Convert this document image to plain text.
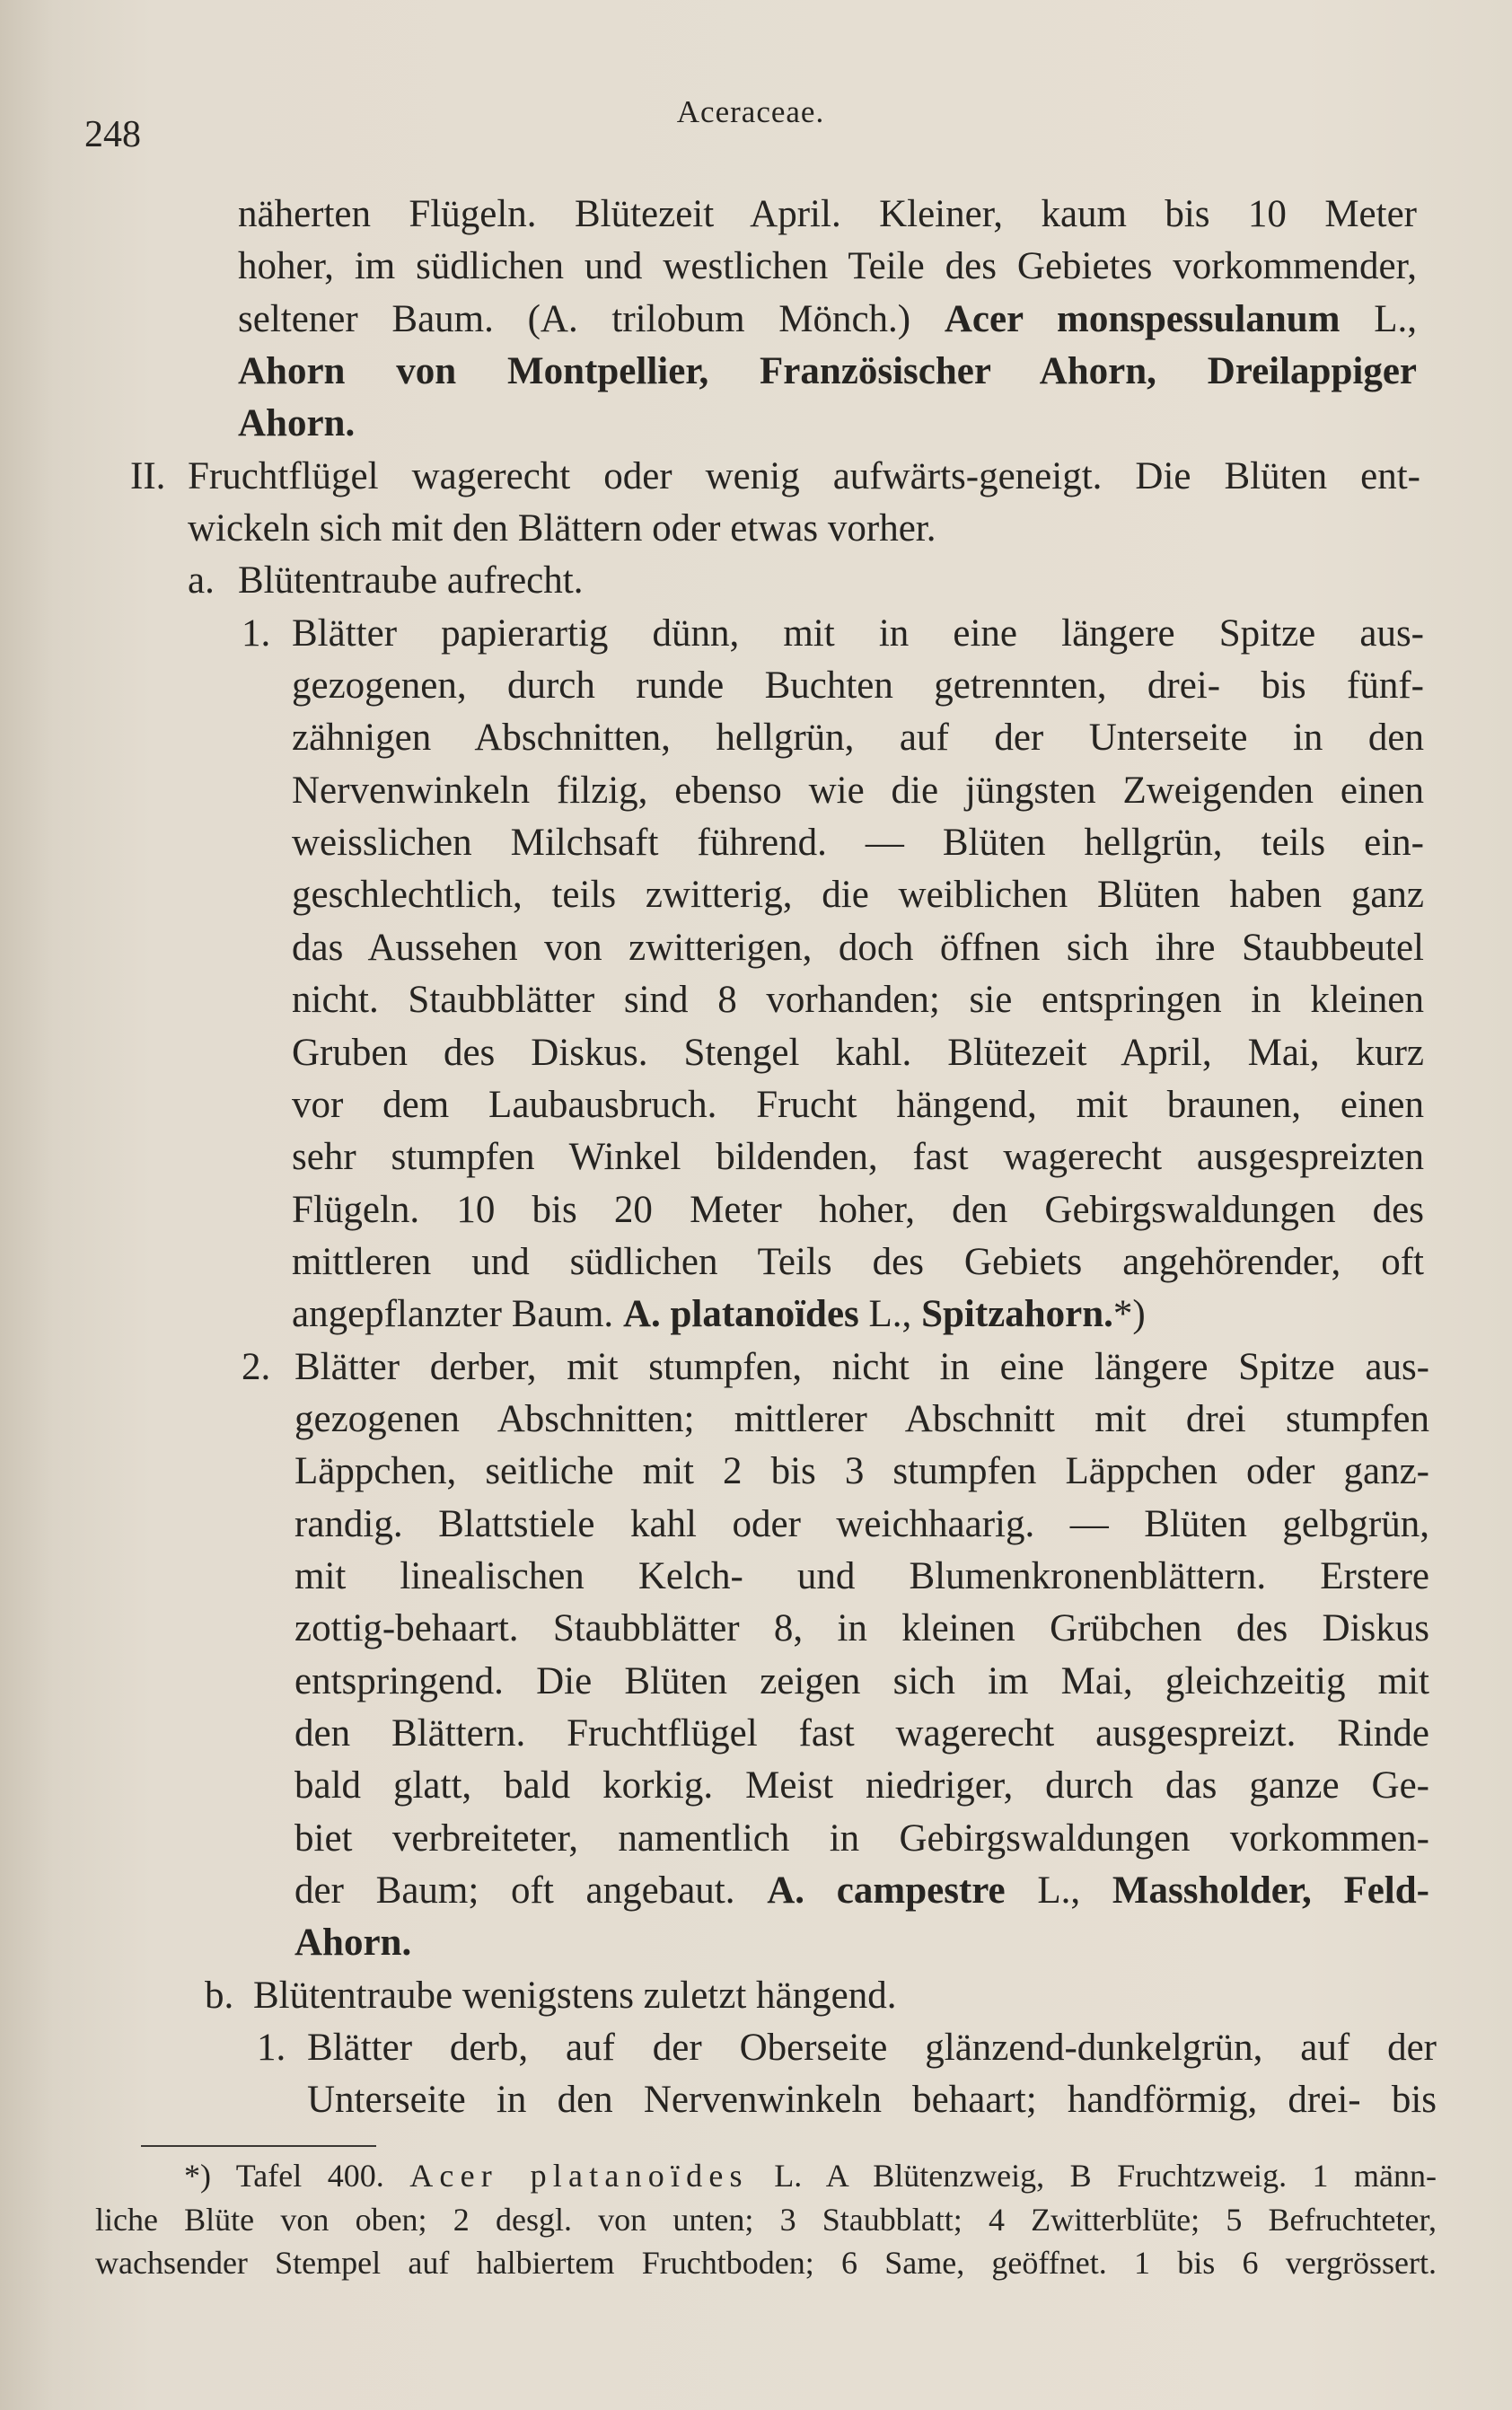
248
Aceraceae.
näherten Flügeln. Blütezeit April. Kleiner, kaum bis 10 Meter
hoher, im südlichen und westlichen Teile des Gebietes vorkommender,
seltener Baum. (A. trilobum Mönch.) Acer monspessulanum L.,
Ahorn von Montpellier, Französischer Ahorn, Dreilappiger
Ahorn.
II. Fruchtflügel wagerecht oder wenig aufwärts-geneigt. Die Blüten ent-
wickeln sich mit den Blättern oder etwas vorher.
a. Blütentraube aufrecht.
1. Blätter papierartig dünn, mit in eine längere Spitze aus-
gezogenen, durch runde Buchten getrennten, drei- bis fünf-
zähnigen Abschnitten, hellgrün, auf der Unterseite in den
Nervenwinkeln filzig, ebenso wie die jüngsten Zweigenden einen
weisslichen Milchsaft führend. — Blüten hellgrün, teils ein-
geschlechtlich, teils zwitterig, die weiblichen Blüten haben ganz
das Aussehen von zwitterigen, doch öffnen sich ihre Staubbeutel
nicht. Staubblätter sind 8 vorhanden; sie entspringen in kleinen
Gruben des Diskus. Stengel kahl. Blütezeit April, Mai, kurz
vor dem Laubausbruch. Frucht hängend, mit braunen, einen
sehr stumpfen Winkel bildenden, fast wagerecht ausgespreizten
Flügeln. 10 bis 20 Meter hoher, den Gebirgswaldungen des
mittleren und südlichen Teils des Gebiets angehörender, oft
angepflanzter Baum. A. platanoïdes L., Spitzahorn.*)
2. Blätter derber, mit stumpfen, nicht in eine längere Spitze aus-
gezogenen Abschnitten; mittlerer Abschnitt mit drei stumpfen
Läppchen, seitliche mit 2 bis 3 stumpfen Läppchen oder ganz-
randig. Blattstiele kahl oder weichhaarig. — Blüten gelbgrün,
mit linealischen Kelch- und Blumenkronenblättern. Erstere
zottig-behaart. Staubblätter 8, in kleinen Grübchen des Diskus
entspringend. Die Blüten zeigen sich im Mai, gleichzeitig mit
den Blättern. Fruchtflügel fast wagerecht ausgespreizt. Rinde
bald glatt, bald korkig. Meist niedriger, durch das ganze Ge-
biet verbreiteter, namentlich in Gebirgswaldungen vorkommen-
der Baum; oft angebaut. A. campestre L., Massholder, Feld-
Ahorn.
b. Blütentraube wenigstens zuletzt hängend.
1. Blätter derb, auf der Oberseite glänzend-dunkelgrün, auf der
Unterseite in den Nervenwinkeln behaart; handförmig, drei- bis
*) Tafel 400. Acer platanoïdes L. A Blütenzweig, B Fruchtzweig. 1 männ-
liche Blüte von oben; 2 desgl. von unten; 3 Staubblatt; 4 Zwitterblüte; 5 Befruchteter,
wachsender Stempel auf halbiertem Fruchtboden; 6 Same, geöffnet. 1 bis 6 vergrössert.
